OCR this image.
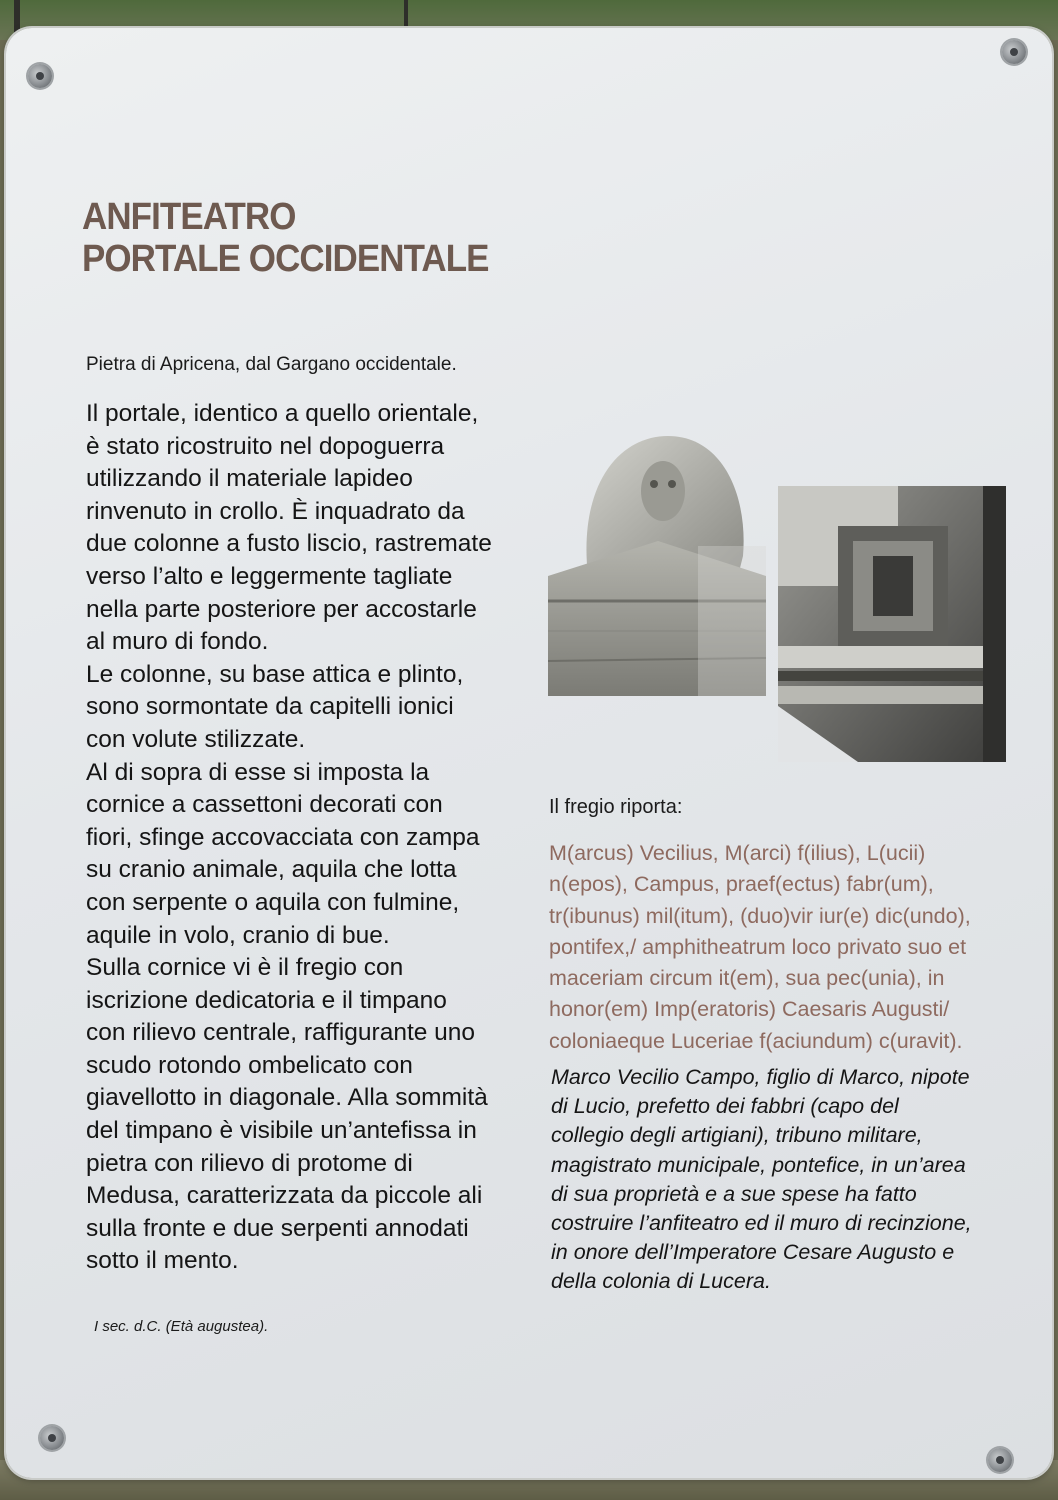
ANFITEATRO
PORTALE OCCIDENTALE
Pietra di Apricena, dal Gargano occidentale.
Il portale, identico a quello orientale,
è stato ricostruito nel dopoguerra
utilizzando il materiale lapideo
rinvenuto in crollo. È inquadrato da
due colonne a fusto liscio, rastremate
verso l’alto e leggermente tagliate
nella parte posteriore per accostarle
al muro di fondo.
Le colonne, su base attica e plinto,
sono sormontate da capitelli ionici
con volute stilizzate.
Al di sopra di esse si imposta la
cornice a cassettoni decorati con
fiori, sfinge accovacciata con zampa
su cranio animale, aquila che lotta
con serpente o aquila con fulmine,
aquile in volo, cranio di bue.
Sulla cornice vi è il fregio con
iscrizione dedicatoria e il timpano
con rilievo centrale, raffigurante uno
scudo rotondo ombelicato con
giavellotto in diagonale. Alla sommità
del timpano è visibile un’antefissa in
pietra con rilievo di protome di
Medusa, caratterizzata da piccole ali
sulla fronte e due serpenti annodati
sotto il mento.
I sec. d.C. (Età augustea).
Il fregio riporta:
M(arcus) Vecilius, M(arci) f(ilius), L(ucii)
n(epos), Campus, praef(ectus) fabr(um),
tr(ibunus) mil(itum), (duo)vir iur(e) dic(undo),
pontifex,/ amphitheatrum loco privato suo et
maceriam circum it(em), sua pec(unia), in
honor(em) Imp(eratoris) Caesaris Augusti/
coloniaeque Luceriae f(aciundum) c(uravit).
Marco Vecilio Campo, figlio di Marco, nipote
di Lucio, prefetto dei fabbri (capo del
collegio degli artigiani), tribuno militare,
magistrato municipale, pontefice, in un’area
di sua proprietà e a sue spese ha fatto
costruire l’anfiteatro ed il muro di recinzione,
in onore dell’Imperatore Cesare Augusto e
della colonia di Lucera.
